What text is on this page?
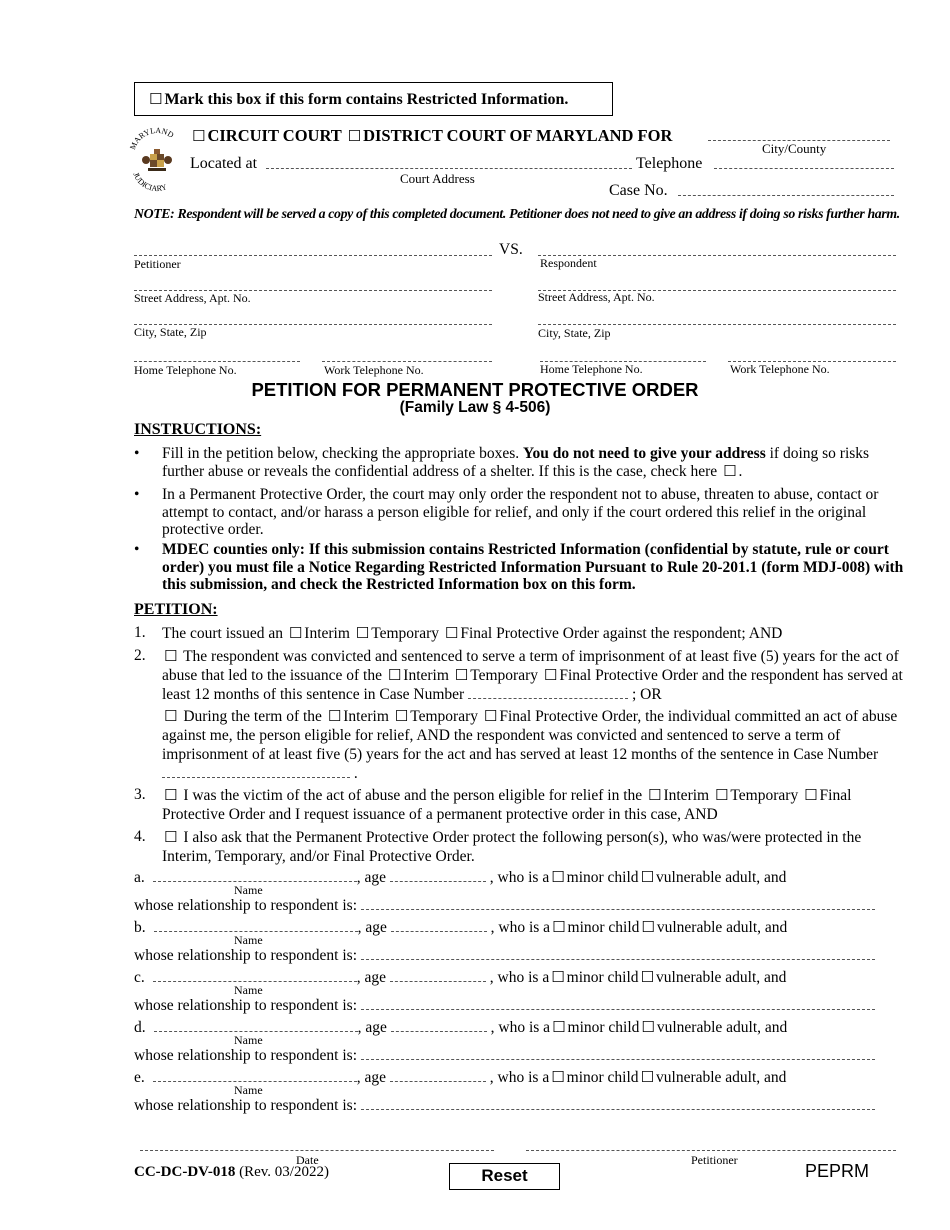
☐ Mark this box if this form contains Restricted Information.
MARYLAND
JUDICIARY
☐ CIRCUIT COURT ☐ DISTRICT COURT OF MARYLAND FOR
City/County
Located at
Court Address
Telephone
Case No.
NOTE: Respondent will be served a copy of this completed document. Petitioner does not need to give an address if doing so risks further harm.
VS.
Petitioner	Respondent
Street Address, Apt. No.	Street Address, Apt. No.
City, State, Zip	City, State, Zip
Home Telephone No.	Work Telephone No.	Home Telephone No.	Work Telephone No.
PETITION FOR PERMANENT PROTECTIVE ORDER
(Family Law § 4-506)
INSTRUCTIONS:
• Fill in the petition below, checking the appropriate boxes. You do not need to give your address if doing so risks further abuse or reveals the confidential address of a shelter. If this is the case, check here ☐ .
• In a Permanent Protective Order, the court may only order the respondent not to abuse, threaten to abuse, contact or attempt to contact, and/or harass a person eligible for relief, and only if the court ordered this relief in the original protective order.
• MDEC counties only: If this submission contains Restricted Information (confidential by statute, rule or court order) you must file a Notice Regarding Restricted Information Pursuant to Rule 20-201.1 (form MDJ-008) with this submission, and check the Restricted Information box on this form.
PETITION:
1. The court issued an ☐ Interim ☐ Temporary ☐ Final Protective Order against the respondent; AND
2. ☐ The respondent was convicted and sentenced to serve a term of imprisonment of at least five (5) years for the act of abuse that led to the issuance of the ☐ Interim ☐ Temporary ☐ Final Protective Order and the respondent has served at least 12 months of this sentence in Case Number	; OR
☐ During the term of the ☐ Interim ☐ Temporary ☐ Final Protective Order, the individual committed an act of abuse against me, the person eligible for relief, AND the respondent was convicted and sentenced to serve a term of imprisonment of at least five (5) years for the act and has served at least 12 months of the sentence in Case Number  .
3. ☐ I was the victim of the act of abuse and the person eligible for relief in the ☐ Interim ☐ Temporary ☐ Final Protective Order and I request issuance of a permanent protective order in this case, AND
4. ☐ I also ask that the Permanent Protective Order protect the following person(s), who was/were protected in the Interim, Temporary, and/or Final Protective Order.
a.	, age	, who is a ☐ minor child ☐ vulnerable adult, and
Name
whose relationship to respondent is:
b.	, age	, who is a ☐ minor child ☐ vulnerable adult, and
Name
whose relationship to respondent is:
c.	, age	, who is a ☐ minor child ☐ vulnerable adult, and
Name
whose relationship to respondent is:
d.	, age	, who is a ☐ minor child ☐ vulnerable adult, and
Name
whose relationship to respondent is:
e.	, age	, who is a ☐ minor child ☐ vulnerable adult, and
Name
whose relationship to respondent is:
Date	Petitioner
CC-DC-DV-018 (Rev. 03/2022)	Reset	PEPRM
